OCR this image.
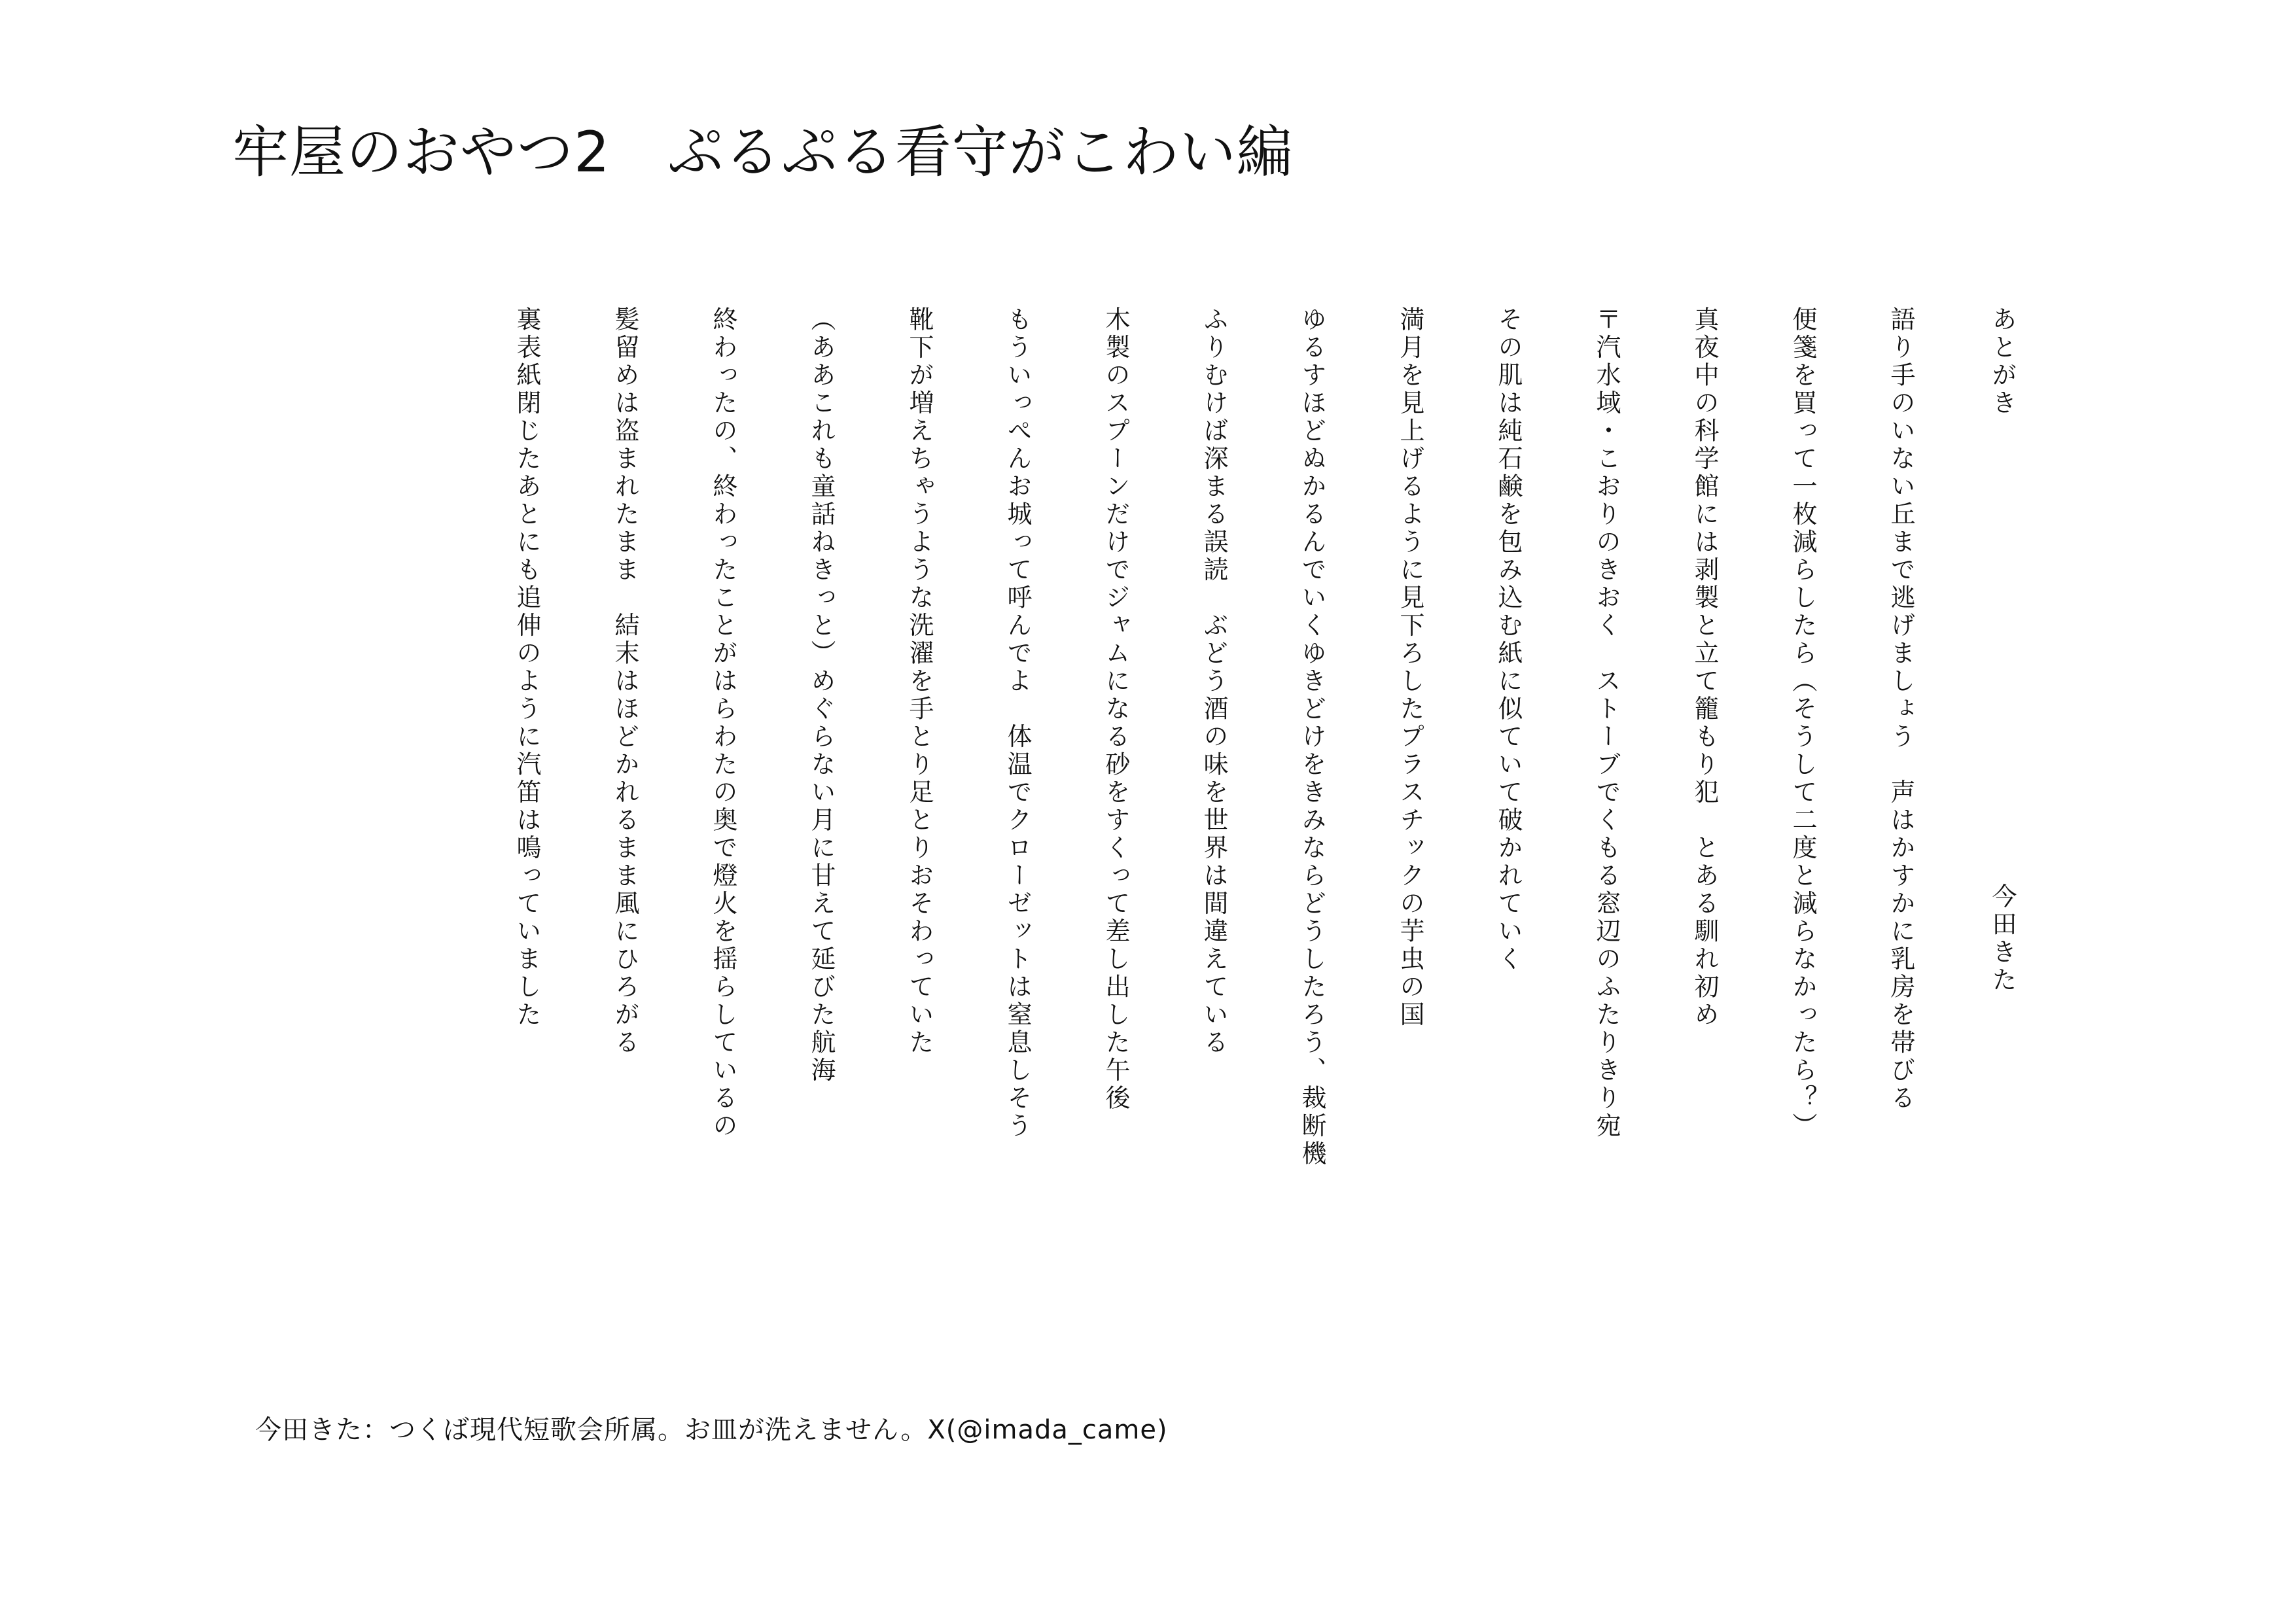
牢屋のおやつ2　ぷるぷる看守がこわい編
あとがき
今田きた
語り手のいない丘まで逃げましょう　声はかすかに乳房を帯びる
便箋を買って一枚減らしたら（そうして二度と減らなかったら？）
真夜中の科学館には剥製と立て籠もり犯　とある馴れ初め
〒汽水域・こおりのきおく　ストーブでくもる窓辺のふたりきり宛
その肌は純石鹸を包み込む紙に似ていて破かれていく
満月を見上げるように見下ろしたプラスチックの芋虫の国
ゆるすほどぬかるんでいくゆきどけをきみならどうしたろう、裁断機
ふりむけば深まる誤読　ぶどう酒の味を世界は間違えている
木製のスプーンだけでジャムになる砂をすくって差し出した午後
もういっぺんお城って呼んでよ　体温でクローゼットは窒息しそう
靴下が増えちゃうような洗濯を手とり足とりおそわっていた
（ああこれも童話ねきっと）めぐらない月に甘えて延びた航海
終わったの、終わったことがはらわたの奥で燈火を揺らしているの
髪留めは盗まれたまま　結末はほどかれるまま風にひろがる
裏表紙閉じたあとにも追伸のように汽笛は鳴っていました
今田きた：つくば現代短歌会所属。お皿が洗えません。X(@imada_came)
